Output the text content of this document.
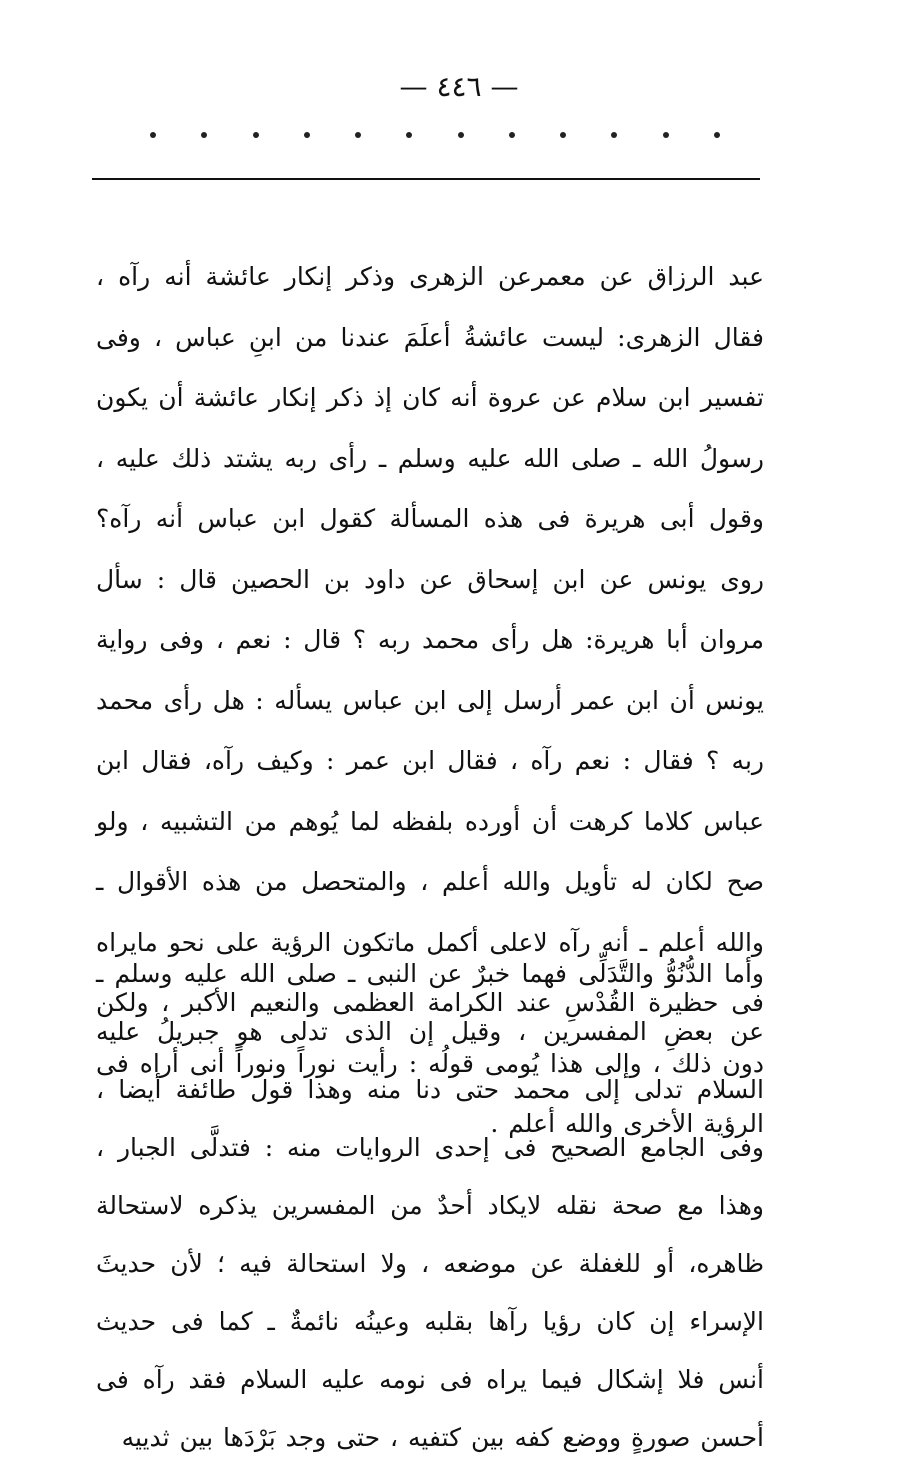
— ٤٤٦ —

عبد الرزاق عن معمرعن الزهرى وذكر إنكار عائشة أنه رآه ، فقال الزهرى: ليست عائشةُ أعلَمَ عندنا من ابنِ عباس ، وفى تفسير ابن سلام عن عروة أنه كان إذ ذكر إنكار عائشة أن يكون رسولُ الله ـ صلى الله عليه وسلم ـ رأى ربه يشتد ذلك عليه ، وقول أبى هريرة فى هذه المسألة كقول ابن عباس أنه رآه؟ روى يونس عن ابن إسحاق عن داود بن الحصين قال : سأل مروان أبا هريرة: هل رأى محمد ربه ؟ قال : نعم ، وفى رواية يونس أن ابن عمر أرسل إلى ابن عباس يسأله : هل رأى محمد ربه ؟ فقال : نعم رآه ، فقال ابن عمر : وكيف رآه، فقال ابن عباس كلاما كرهت أن أورده بلفظه لما يُوهم من التشبيه ، ولو صح لكان له تأويل والله أعلم ، والمتحصل من هذه الأقوال ـ والله أعلم ـ أنه رآه لاعلى أكمل ماتكون الرؤية على نحو مايراه فى حظيرة القُدْسِ عند الكرامة العظمى والنعيم الأكبر ، ولكن دون ذلك ، وإلى هذا يُومى قولُه : رأيت نوراً ونوراً أنى أراه فى الرؤية الأخرى والله أعلم .

وأما الدُّنُوُّ والتَّدَلِّى فهما خبرٌ عن النبى ـ صلى الله عليه وسلم ـ عن بعضِ المفسرين ، وقيل إن الذى تدلى هو جبريلُ عليه السلام تدلى إلى محمد حتى دنا منه وهذا قول طائفة أيضا ، وفى الجامع الصحيح فى إحدى الروايات منه : فتدلَّى الجبار ، وهذا مع صحة نقله لايكاد أحدٌ من المفسرين يذكره لاستحالة ظاهره، أو للغفلة عن موضعه ، ولا استحالة فيه ؛ لأن حديثَ الإسراء إن كان رؤيا رآها بقلبه وعينُه نائمةٌ ـ كما فى حديث أنس فلا إشكال فيما يراه فى نومه عليه السلام فقد رآه فى أحسن صورةٍ ووضع كفه بين كتفيه ، حتى وجد بَرْدَها بين ثدييه
